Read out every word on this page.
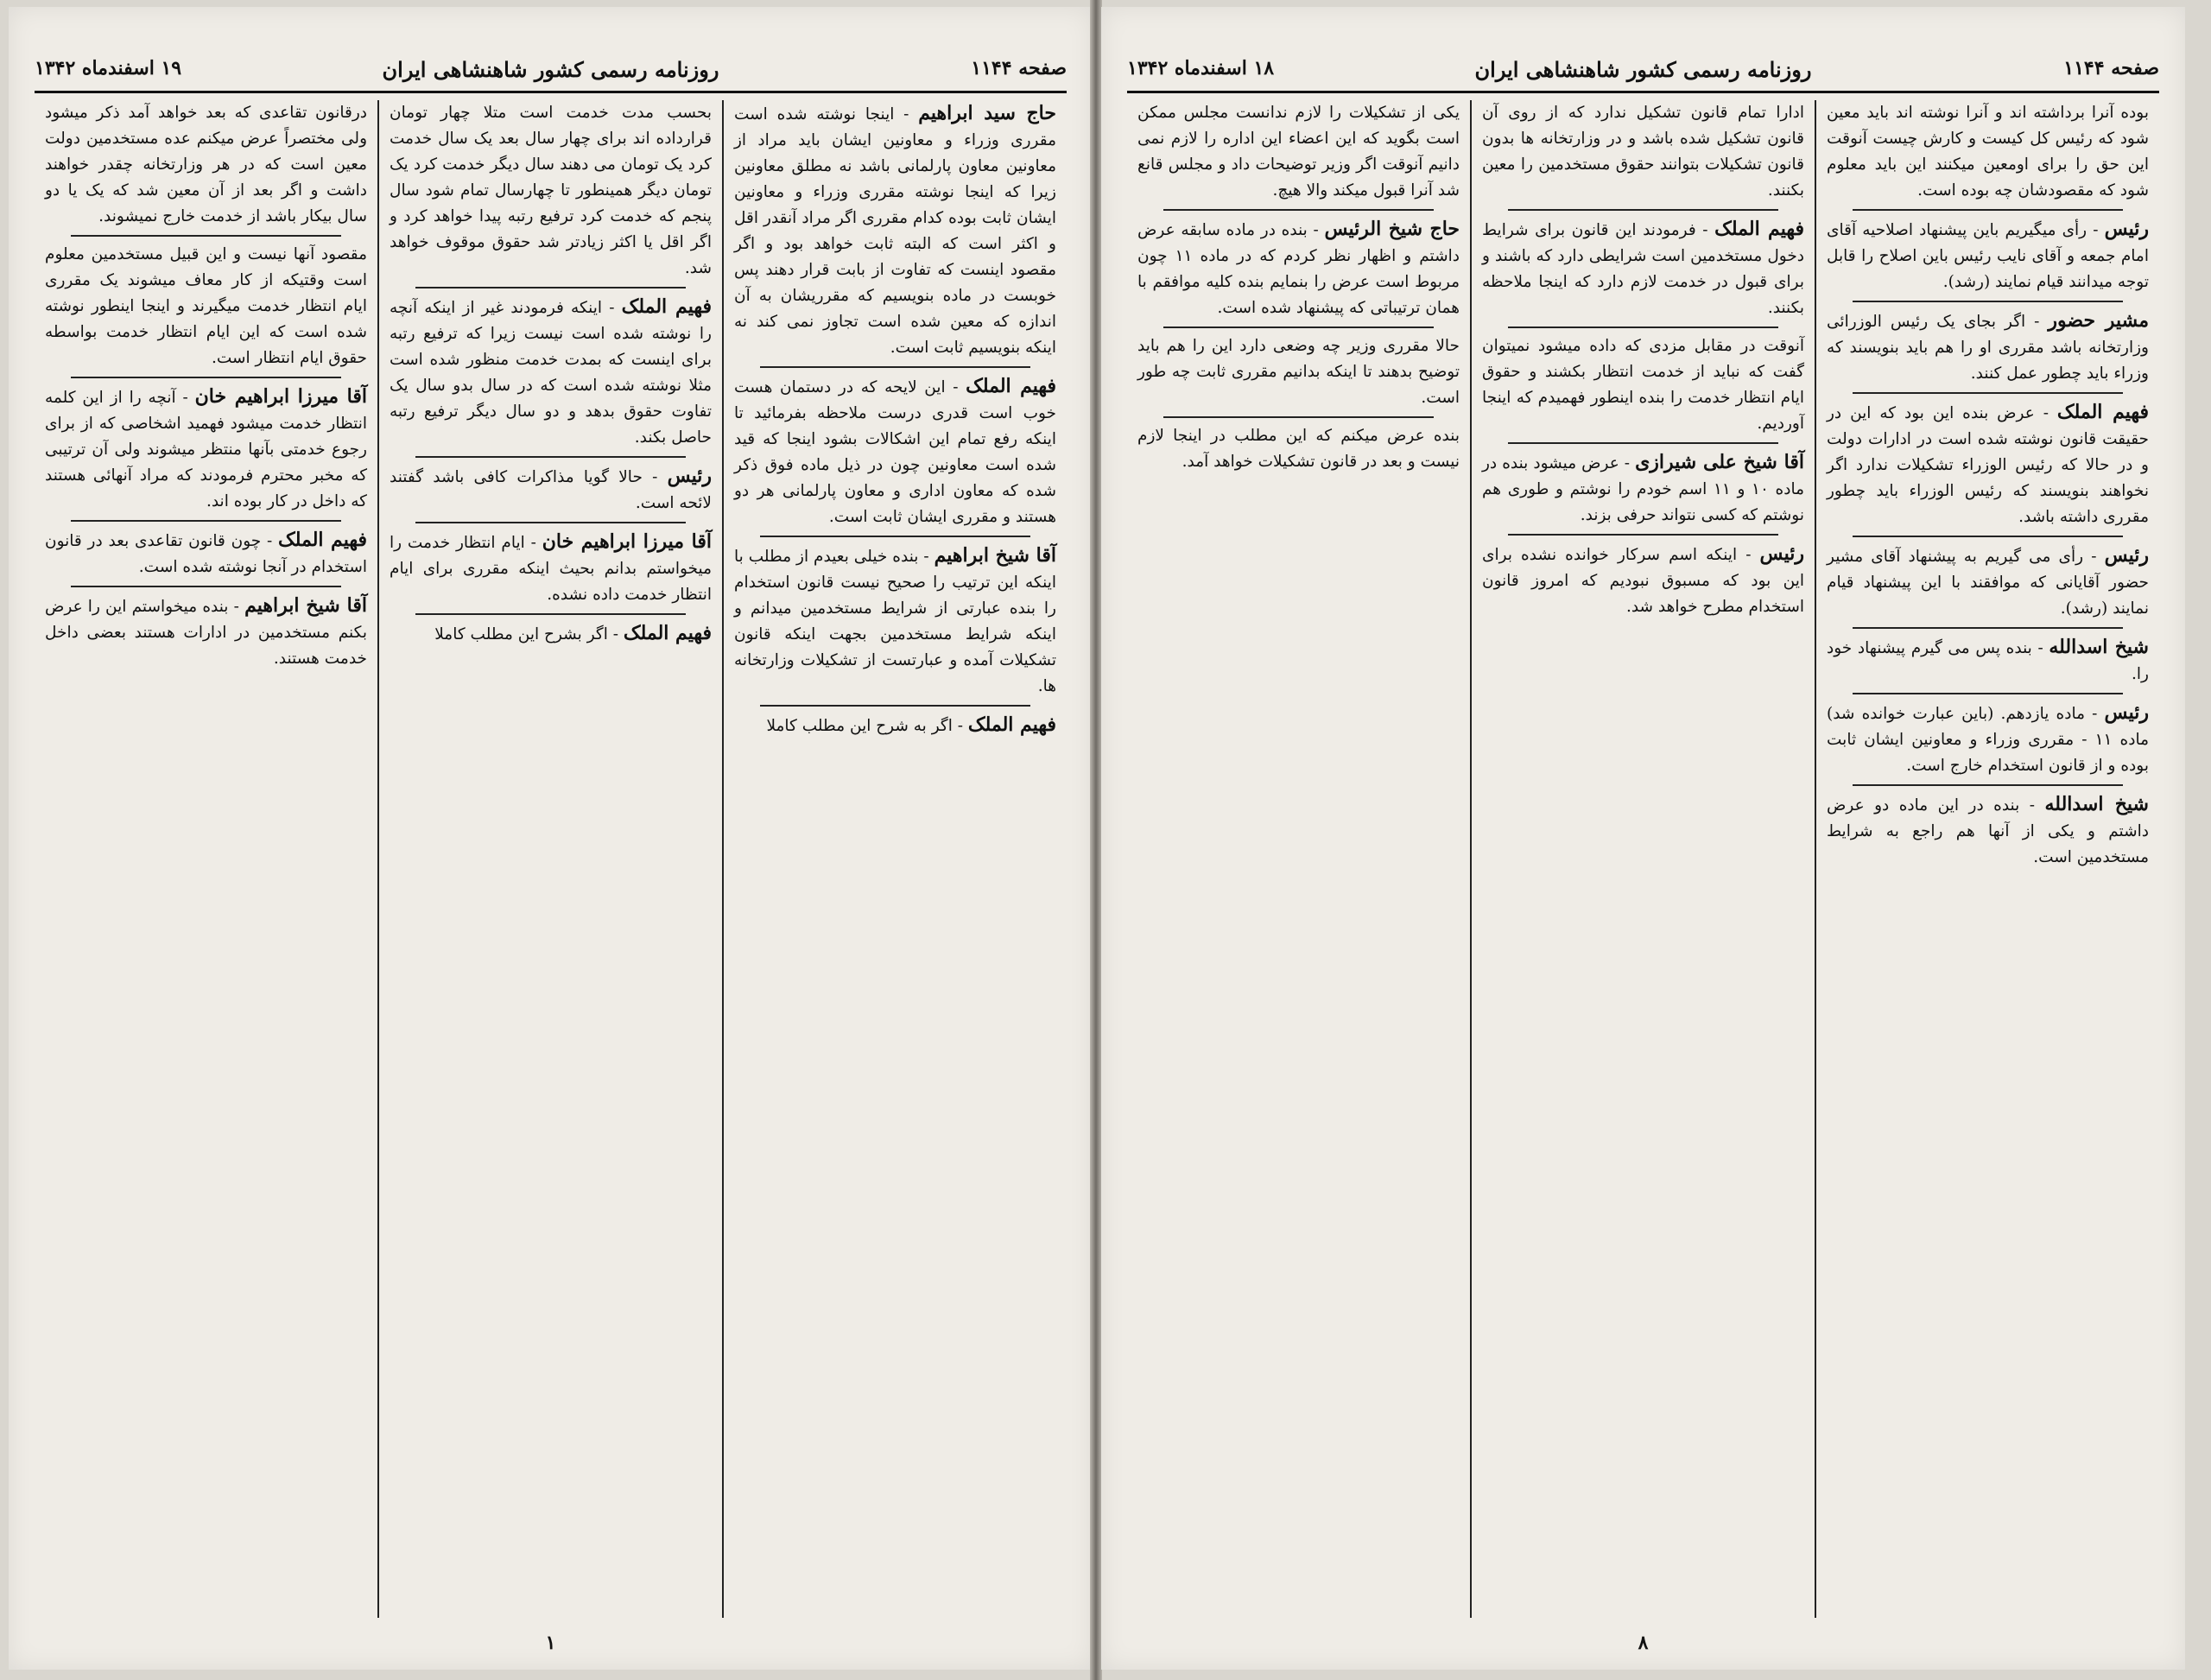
صفحه ۱۱۴۴
روزنامه رسمی کشور شاهنشاهی ایران
۱۹ اسفندماه ۱۳۴۲

حاج سید ابراهیم - اینجا نوشته شده است مقرری وزراء و معاونین ایشان باید مراد از معاونین معاون پارلمانی باشد نه مطلق معاونین زیرا که اینجا نوشته مقرری وزراء و معاونین ایشان ثابت بوده کدام مقرری اگر مراد آنقدر اقل و اکثر است که البته ثابت خواهد بود و اگر مقصود اینست که تفاوت از بابت قرار دهند پس خوبست در ماده بنویسیم که مقرریشان به آن اندازه که معین شده است تجاوز نمی کند نه اینکه بنویسیم ثابت است.

فهیم الملک - این لایحه که در دستمان هست خوب است قدری درست ملاحظه بفرمائید تا اینکه رفع تمام این اشکالات بشود اینجا که قید شده است معاونین چون در ذیل ماده فوق ذکر شده که معاون اداری و معاون پارلمانی هر دو هستند و مقرری ایشان ثابت است.

آقا شیخ ابراهیم - بنده خیلی بعیدم از مطلب با اینکه این ترتیب را صحیح نیست قانون استخدام را بنده عبارتی از شرایط مستخدمین میدانم و اینکه شرایط مستخدمین بجهت اینکه قانون تشکیلات آمده و عبارتست از تشکیلات وزارتخانه ها.

فهیم الملک - اگر به شرح این مطلب کاملا

بحسب مدت خدمت است متلا چهار تومان قرارداده اند برای چهار سال بعد یک سال خدمت کرد یک تومان می دهند سال دیگر خدمت کرد یک تومان دیگر همینطور تا چهارسال تمام شود سال پنجم که خدمت کرد ترفیع رتبه پیدا خواهد کرد و اگر اقل یا اکثر زیادتر شد حقوق موقوف خواهد شد.

فهیم الملک - اینکه فرمودند غیر از اینکه آنچه را نوشته شده است نیست زیرا که ترفیع رتبه برای اینست که بمدت خدمت منظور شده است مثلا نوشته شده است که در سال بدو سال یک تفاوت حقوق بدهد و دو سال دیگر ترفیع رتبه حاصل بکند.

رئیس - حالا گویا مذاکرات کافی باشد گفتند لائحه است.

آقا میرزا ابراهیم خان - ایام انتظار خدمت را میخواستم بدانم بحیث اینکه مقرری برای ایام انتظار خدمت داده نشده.

فهیم الملک - اگر بشرح این مطلب کاملا

درقانون تقاعدی که بعد خواهد آمد ذکر میشود ولی مختصراً عرض میکنم عده مستخدمین دولت معین است که در هر وزارتخانه چقدر خواهند داشت و اگر بعد از آن معین شد که یک یا دو سال بیکار باشد از خدمت خارج نمیشوند.

مقصود آنها نیست و این قبیل مستخدمین معلوم است وقتیکه از کار معاف میشوند یک مقرری ایام انتظار خدمت میگیرند و اینجا اینطور نوشته شده است که این ایام انتظار خدمت بواسطه حقوق ایام انتظار است.

آقا میرزا ابراهیم خان - آنچه را از این کلمه انتظار خدمت میشود فهمید اشخاصی که از برای رجوع خدمتی بآنها منتظر میشوند ولی آن ترتیبی که مخبر محترم فرمودند که مراد آنهائی هستند که داخل در کار بوده اند.

فهیم الملک - چون قانون تقاعدی بعد در قانون استخدام در آنجا نوشته شده است.

آقا شیخ ابراهیم - بنده میخواستم این را عرض بکنم مستخدمین در ادارات هستند بعضی داخل خدمت هستند.

۱
صفحه ۱۱۴۴
روزنامه رسمی کشور شاهنشاهی ایران
۱۸ اسفندماه ۱۳۴۲

بوده آنرا برداشته اند و آنرا نوشته اند باید معین شود که رئیس کل کیست و کارش چیست آنوقت این حق را برای اومعین میکنند این باید معلوم شود که مقصودشان چه بوده است.

رئیس - رأی میگیریم باین پیشنهاد اصلاحیه آقای امام جمعه و آقای نایب رئیس باین اصلاح را قابل توجه میدانند قیام نمایند (رشد).

مشیر حضور - اگر بجای یک رئیس الوزرائی وزارتخانه باشد مقرری او را هم باید بنویسند که وزراء باید چطور عمل کنند.

فهیم الملک - عرض بنده این بود که این در حقیقت قانون نوشته شده است در ادارات دولت و در حالا که رئیس الوزراء تشکیلات ندارد اگر نخواهند بنویسند که رئیس الوزراء باید چطور مقرری داشته باشد.

رئیس - رأی می گیریم به پیشنهاد آقای مشیر حضور آقایانی که موافقند با این پیشنهاد قیام نمایند (رشد).

شیخ اسدالله - بنده پس می گیرم پیشنهاد خود را.

رئیس - ماده یازدهم. (باین عبارت خوانده شد) ماده ۱۱ - مقرری وزراء و معاونین ایشان ثابت بوده و از قانون استخدام خارج است.

شیخ اسدالله - بنده در این ماده دو عرض داشتم و یکی از آنها هم راجع به شرایط مستخدمین است.

ادارا تمام قانون تشکیل ندارد که از روی آن قانون تشکیل شده باشد و در وزارتخانه ها بدون قانون تشکیلات بتوانند حقوق مستخدمین را معین بکنند.

فهیم الملک - فرمودند این قانون برای شرایط دخول مستخدمین است شرایطی دارد که باشند و برای قبول در خدمت لازم دارد که اینجا ملاحظه بکنند.

آنوقت در مقابل مزدی که داده میشود نمیتوان گفت که نباید از خدمت انتظار بکشند و حقوق ایام انتظار خدمت را بنده اینطور فهمیدم که اینجا آوردیم.

آقا شیخ علی شیرازی - عرض میشود بنده در ماده ۱۰ و ۱۱ اسم خودم را نوشتم و طوری هم نوشتم که کسی نتواند حرفی بزند.

رئیس - اینکه اسم سرکار خوانده نشده برای این بود که مسبوق نبودیم که امروز قانون استخدام مطرح خواهد شد.

یکی از تشکیلات را لازم ندانست مجلس ممکن است بگوید که این اعضاء این اداره را لازم نمی دانیم آنوقت اگر وزیر توضیحات داد و مجلس قانع شد آنرا قبول میکند والا هیچ.

حاج شیخ الرئیس - بنده در ماده سابقه عرض داشتم و اظهار نظر کردم که در ماده ۱۱ چون مربوط است عرض را بنمایم بنده کلیه موافقم با همان ترتیباتی که پیشنهاد شده است.

حالا مقرری وزیر چه وضعی دارد این را هم باید توضیح بدهند تا اینکه بدانیم مقرری ثابت چه طور است.

بنده عرض میکنم که این مطلب در اینجا لازم نیست و بعد در قانون تشکیلات خواهد آمد.

۸
